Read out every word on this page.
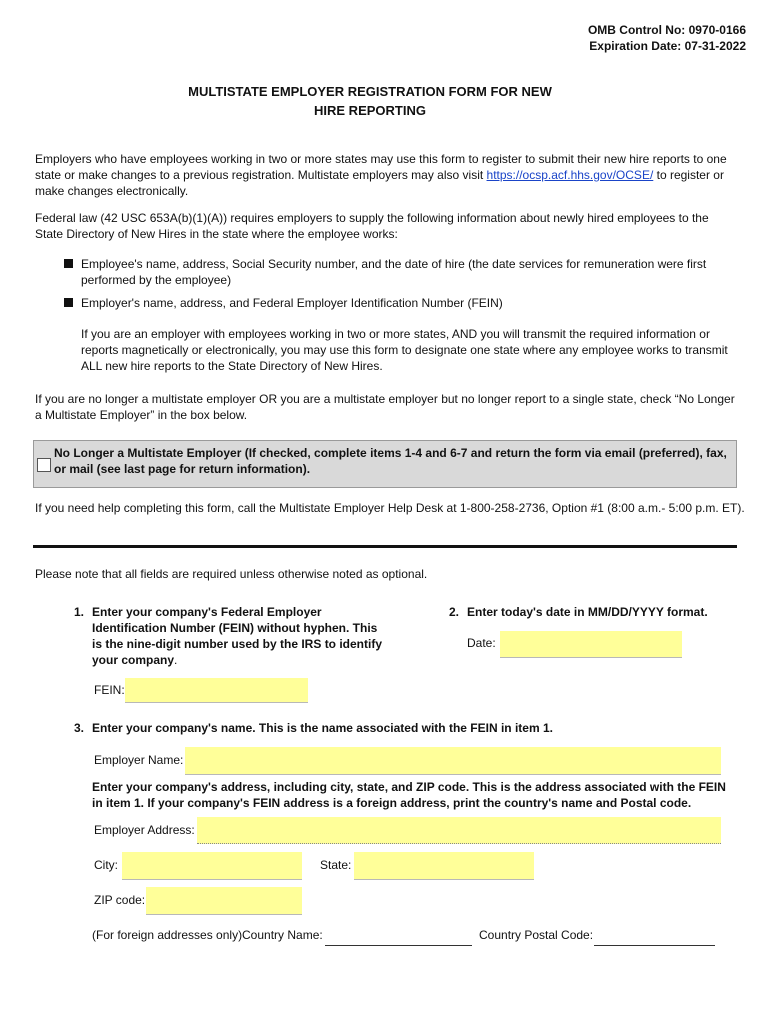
OMB Control No: 0970-0166
Expiration Date: 07-31-2022
MULTISTATE EMPLOYER REGISTRATION FORM FOR NEW
HIRE REPORTING

Employers who have employees working in two or more states may use this form to register to submit their new hire reports to one state or make changes to a previous registration. Multistate employers may also visit https://ocsp.acf.hhs.gov/OCSE/ to register or make changes electronically.

Federal law (42 USC 653A(b)(1)(A)) requires employers to supply the following information about newly hired employees to the State Directory of New Hires in the state where the employee works:

Employee's name, address, Social Security number, and the date of hire (the date services for remuneration were first performed by the employee)

Employer's name, address, and Federal Employer Identification Number (FEIN)

If you are an employer with employees working in two or more states, AND you will transmit the required information or reports magnetically or electronically, you may use this form to designate one state where any employee works to transmit ALL new hire reports to the State Directory of New Hires.

If you are no longer a multistate employer OR you are a multistate employer but no longer report to a single state, check “No Longer a Multistate Employer” in the box below.

No Longer a Multistate Employer (If checked, complete items 1-4 and 6-7 and return the form via email (preferred), fax, or mail (see last page for return information).

If you need help completing this form, call the Multistate Employer Help Desk at 1-800-258-2736, Option #1 (8:00 a.m.- 5:00 p.m. ET).

Please note that all fields are required unless otherwise noted as optional.

1. Enter your company's Federal Employer Identification Number (FEIN) without hyphen. This is the nine-digit number used by the IRS to identify your company.

FEIN:
2. Enter today's date in MM/DD/YYYY format.

Date:
3. Enter your company's name. This is the name associated with the FEIN in item 1.

Employer Name:

Enter your company's address, including city, state, and ZIP code. This is the address associated with the FEIN in item 1. If your company's FEIN address is a foreign address, print the country's name and Postal code.

Employer Address:
City:	State:
ZIP code:
(For foreign addresses only) Country Name:	Country Postal Code:
